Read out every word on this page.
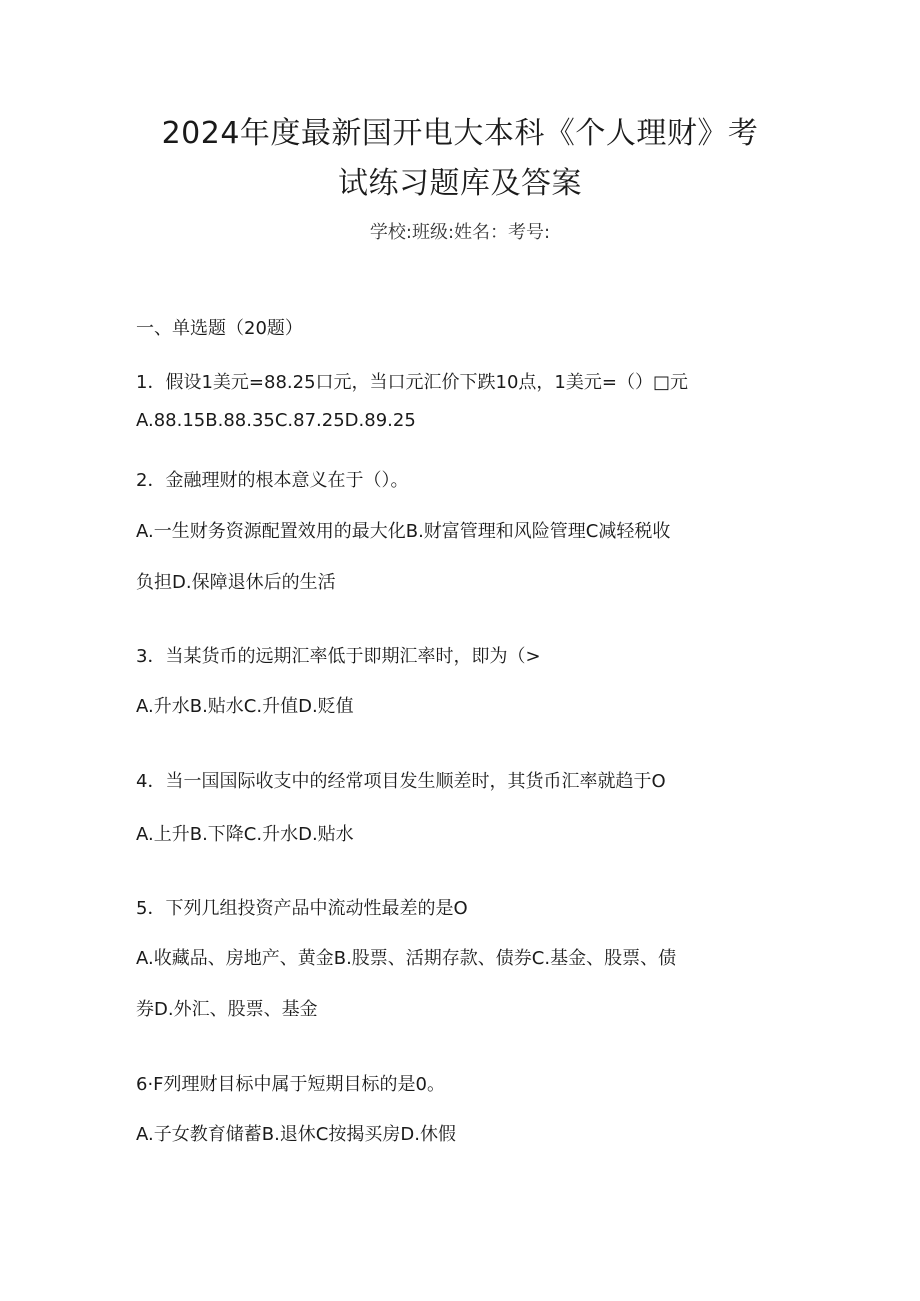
2024年度最新国开电大本科《个人理财》考
试练习题库及答案
学校:班级:姓名：考号:
一、单选题（20题）
1．假设1美元=88.25口元，当口元汇价下跌10点，1美元=（）□元
A.88.15B.88.35C.87.25D.89.25
2．金融理财的根本意义在于（）。
A.一生财务资源配置效用的最大化B.财富管理和风险管理C减轻税收
负担D.保障退休后的生活
3．当某货币的远期汇率低于即期汇率时，即为（>
A.升水B.贴水C.升值D.贬值
4．当一国国际收支中的经常项目发生顺差时，其货币汇率就趋于O
A.上升B.下降C.升水D.贴水
5．下列几组投资产品中流动性最差的是O
A.收藏品、房地产、黄金B.股票、活期存款、债券C.基金、股票、债
券D.外汇、股票、基金
6·F列理财目标中属于短期目标的是0。
A.子女教育储蓄B.退休C按揭买房D.休假
